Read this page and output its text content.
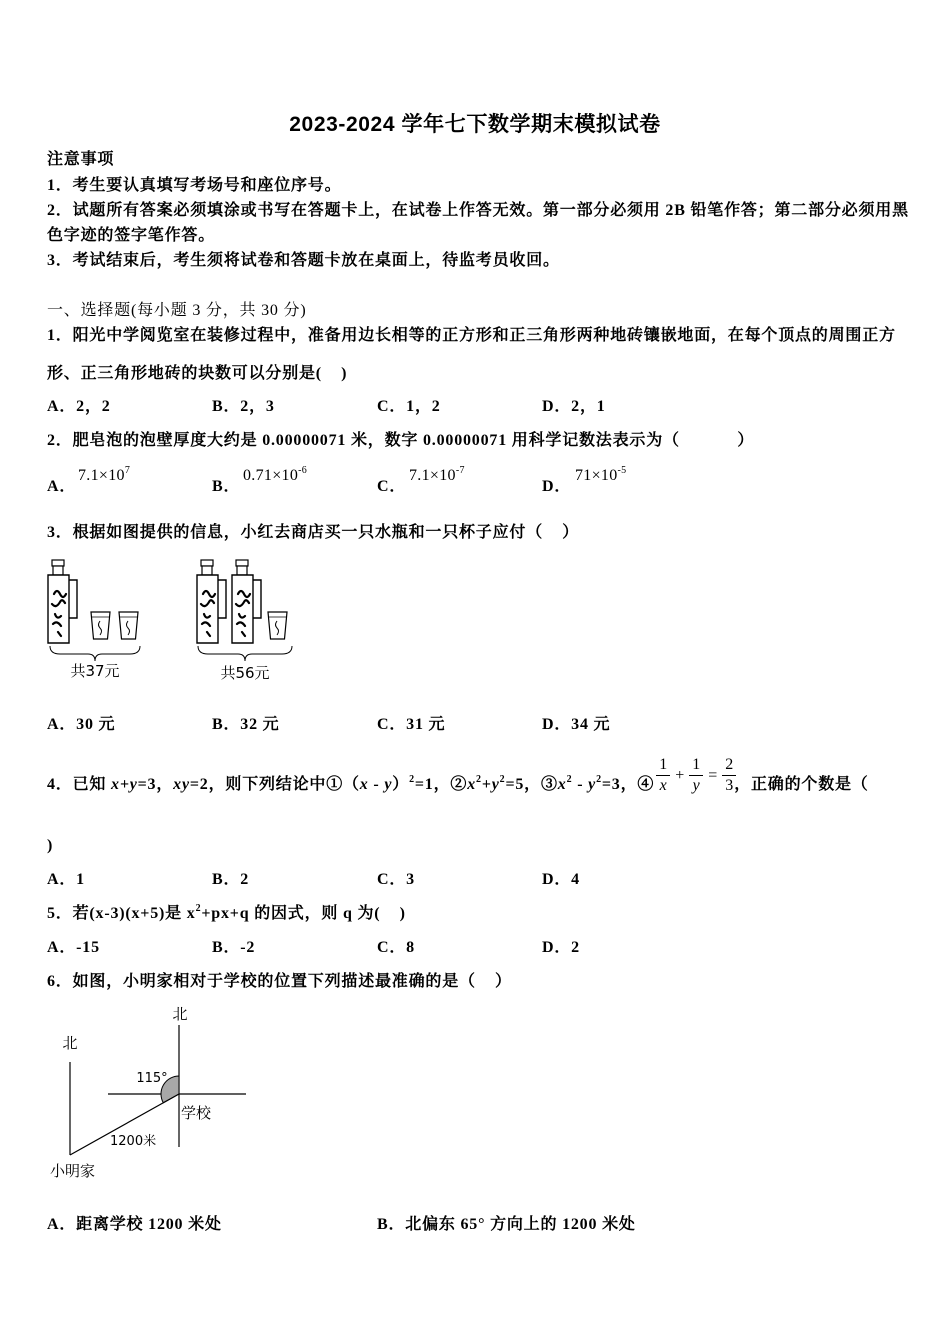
2023-2024 学年七下数学期末模拟试卷
注意事项
1．考生要认真填写考场号和座位序号。
2．试题所有答案必须填涂或书写在答题卡上，在试卷上作答无效。第一部分必须用 2B 铅笔作答；第二部分必须用黑
色字迹的签字笔作答。
3．考试结束后，考生须将试卷和答题卡放在桌面上，待监考员收回。
一、选择题(每小题 3 分，共 30 分)
1．阳光中学阅览室在装修过程中，准备用边长相等的正方形和正三角形两种地砖镶嵌地面，在每个顶点的周围正方
形、正三角形地砖的块数可以分别是(    )
A．2，2	B．2，3	C．1，2	D．2，1
2．肥皂泡的泡壁厚度大约是 0.00000071 米，数字 0.00000071 用科学记数法表示为（            ）
A．
$7.1\times 10^7$
B．
$0.71\times 10^{-6}$
C．
$7.1\times 10^{-7}$
D．
$71\times 10^{-5}$
3．根据如图提供的信息，小红去商店买一只水瓶和一只杯子应付（    ）
共37元	共56元
A．30 元	B．32 元	C．31 元	D．34 元
4．已知 x+y=3，xy=2，则下列结论中①（x - y）$^2$=1，$②x^2+y^2=5$，$③x^2 - y^2=3$，④ $\frac{1}{x} + \frac{1}{y} = \frac{2}{3}$
，正确的个数是（
)
A．1	B．2	C．3	D．4
5．若(x-3)(x+5)是 $x^2+px+q$ 的因式，则 q 为(    )
A．-15	B．-2	C．8	D．2
6．如图，小明家相对于学校的位置下列描述最准确的是（    ）
北
北
115°
学校
1200米
小明家
A．距离学校 1200 米处	B．北偏东 65° 方向上的 1200 米处
